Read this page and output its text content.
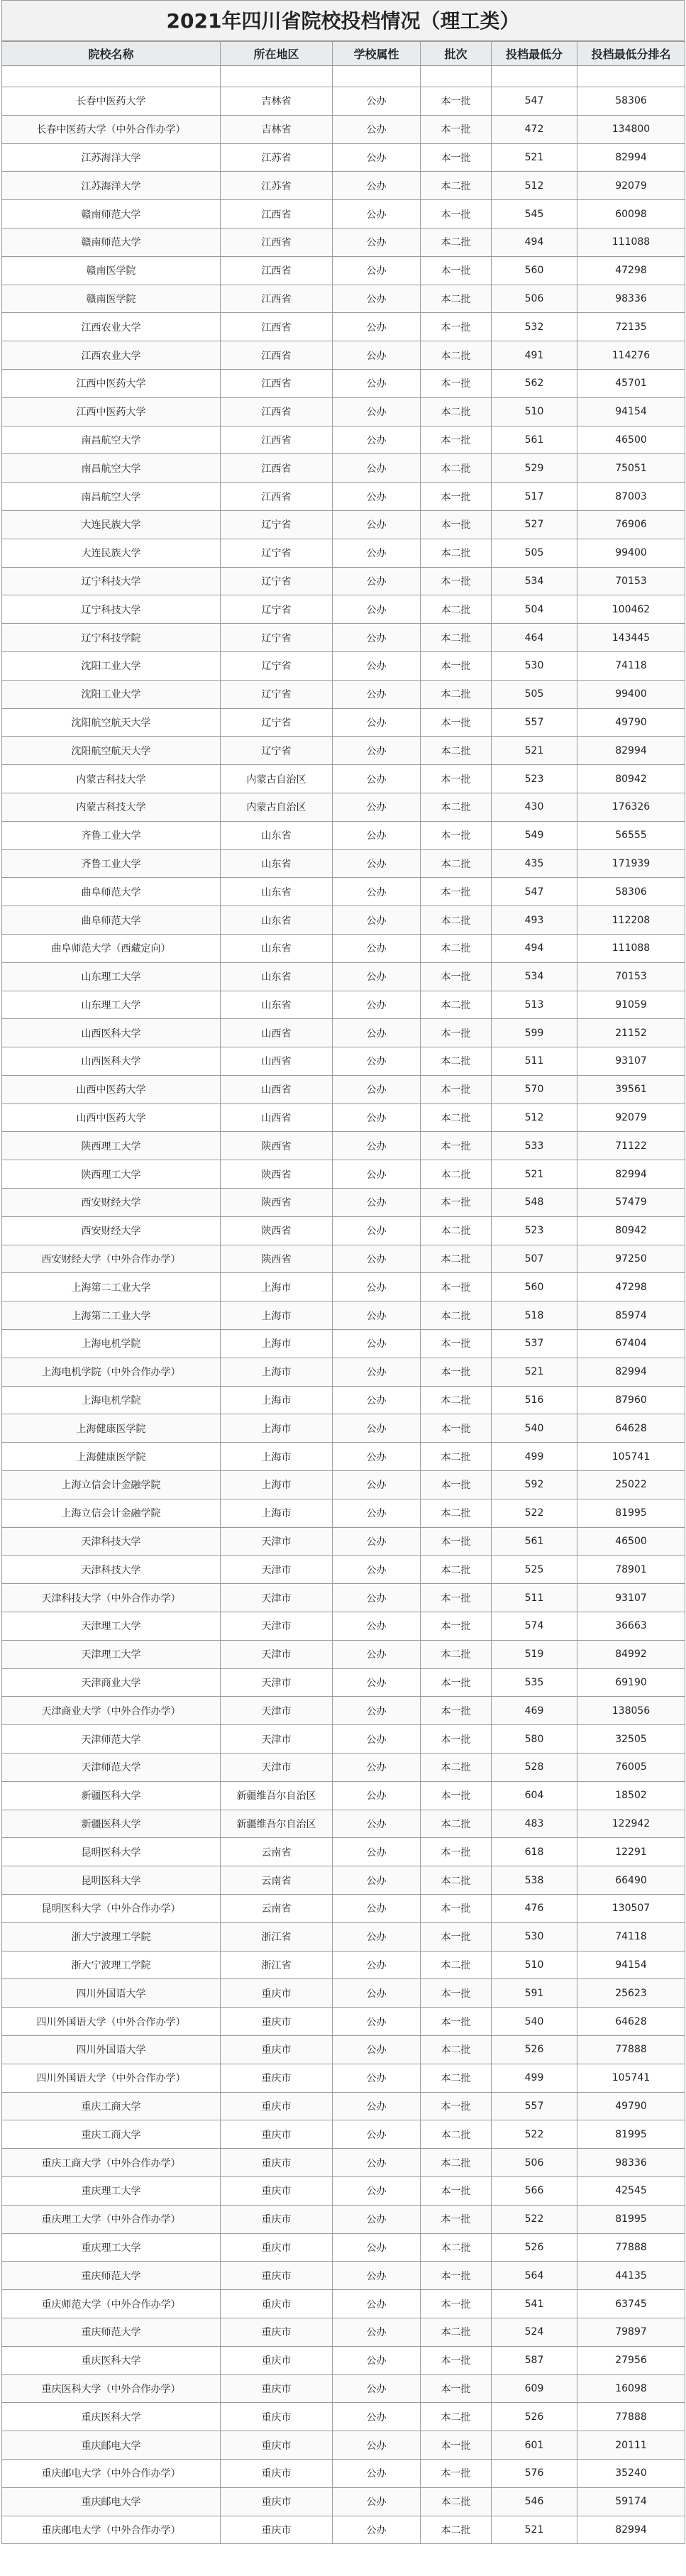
2021年四川省院校投档情况（理工类）
院校名称	所在地区	学校属性	批次	投档最低分	投档最低分排名

长春中医药大学	吉林省	公办	本一批	547	58306
长春中医药大学（中外合作办学）	吉林省	公办	本一批	472	134800
江苏海洋大学	江苏省	公办	本一批	521	82994
江苏海洋大学	江苏省	公办	本二批	512	92079
赣南师范大学	江西省	公办	本一批	545	60098
赣南师范大学	江西省	公办	本二批	494	111088
赣南医学院	江西省	公办	本一批	560	47298
赣南医学院	江西省	公办	本二批	506	98336
江西农业大学	江西省	公办	本一批	532	72135
江西农业大学	江西省	公办	本二批	491	114276
江西中医药大学	江西省	公办	本一批	562	45701
江西中医药大学	江西省	公办	本二批	510	94154
南昌航空大学	江西省	公办	本一批	561	46500
南昌航空大学	江西省	公办	本二批	529	75051
南昌航空大学	江西省	公办	本一批	517	87003
大连民族大学	辽宁省	公办	本一批	527	76906
大连民族大学	辽宁省	公办	本二批	505	99400
辽宁科技大学	辽宁省	公办	本一批	534	70153
辽宁科技大学	辽宁省	公办	本二批	504	100462
辽宁科技学院	辽宁省	公办	本二批	464	143445
沈阳工业大学	辽宁省	公办	本一批	530	74118
沈阳工业大学	辽宁省	公办	本二批	505	99400
沈阳航空航天大学	辽宁省	公办	本一批	557	49790
沈阳航空航天大学	辽宁省	公办	本二批	521	82994
内蒙古科技大学	内蒙古自治区	公办	本一批	523	80942
内蒙古科技大学	内蒙古自治区	公办	本二批	430	176326
齐鲁工业大学	山东省	公办	本一批	549	56555
齐鲁工业大学	山东省	公办	本二批	435	171939
曲阜师范大学	山东省	公办	本一批	547	58306
曲阜师范大学	山东省	公办	本二批	493	112208
曲阜师范大学（西藏定向）	山东省	公办	本二批	494	111088
山东理工大学	山东省	公办	本一批	534	70153
山东理工大学	山东省	公办	本二批	513	91059
山西医科大学	山西省	公办	本一批	599	21152
山西医科大学	山西省	公办	本二批	511	93107
山西中医药大学	山西省	公办	本一批	570	39561
山西中医药大学	山西省	公办	本二批	512	92079
陕西理工大学	陕西省	公办	本一批	533	71122
陕西理工大学	陕西省	公办	本二批	521	82994
西安财经大学	陕西省	公办	本一批	548	57479
西安财经大学	陕西省	公办	本二批	523	80942
西安财经大学（中外合作办学）	陕西省	公办	本二批	507	97250
上海第二工业大学	上海市	公办	本一批	560	47298
上海第二工业大学	上海市	公办	本二批	518	85974
上海电机学院	上海市	公办	本一批	537	67404
上海电机学院（中外合作办学）	上海市	公办	本一批	521	82994
上海电机学院	上海市	公办	本二批	516	87960
上海健康医学院	上海市	公办	本一批	540	64628
上海健康医学院	上海市	公办	本二批	499	105741
上海立信会计金融学院	上海市	公办	本一批	592	25022
上海立信会计金融学院	上海市	公办	本二批	522	81995
天津科技大学	天津市	公办	本一批	561	46500
天津科技大学	天津市	公办	本二批	525	78901
天津科技大学（中外合作办学）	天津市	公办	本一批	511	93107
天津理工大学	天津市	公办	本一批	574	36663
天津理工大学	天津市	公办	本二批	519	84992
天津商业大学	天津市	公办	本一批	535	69190
天津商业大学（中外合作办学）	天津市	公办	本一批	469	138056
天津师范大学	天津市	公办	本一批	580	32505
天津师范大学	天津市	公办	本二批	528	76005
新疆医科大学	新疆维吾尔自治区	公办	本一批	604	18502
新疆医科大学	新疆维吾尔自治区	公办	本二批	483	122942
昆明医科大学	云南省	公办	本一批	618	12291
昆明医科大学	云南省	公办	本二批	538	66490
昆明医科大学（中外合作办学）	云南省	公办	本一批	476	130507
浙大宁波理工学院	浙江省	公办	本一批	530	74118
浙大宁波理工学院	浙江省	公办	本二批	510	94154
四川外国语大学	重庆市	公办	本一批	591	25623
四川外国语大学（中外合作办学）	重庆市	公办	本一批	540	64628
四川外国语大学	重庆市	公办	本二批	526	77888
四川外国语大学（中外合作办学）	重庆市	公办	本二批	499	105741
重庆工商大学	重庆市	公办	本一批	557	49790
重庆工商大学	重庆市	公办	本二批	522	81995
重庆工商大学（中外合作办学）	重庆市	公办	本二批	506	98336
重庆理工大学	重庆市	公办	本一批	566	42545
重庆理工大学（中外合作办学）	重庆市	公办	本一批	522	81995
重庆理工大学	重庆市	公办	本二批	526	77888
重庆师范大学	重庆市	公办	本一批	564	44135
重庆师范大学（中外合作办学）	重庆市	公办	本一批	541	63745
重庆师范大学	重庆市	公办	本二批	524	79897
重庆医科大学	重庆市	公办	本一批	587	27956
重庆医科大学（中外合作办学）	重庆市	公办	本一批	609	16098
重庆医科大学	重庆市	公办	本二批	526	77888
重庆邮电大学	重庆市	公办	本一批	601	20111
重庆邮电大学（中外合作办学）	重庆市	公办	本一批	576	35240
重庆邮电大学	重庆市	公办	本二批	546	59174
重庆邮电大学（中外合作办学）	重庆市	公办	本二批	521	82994
